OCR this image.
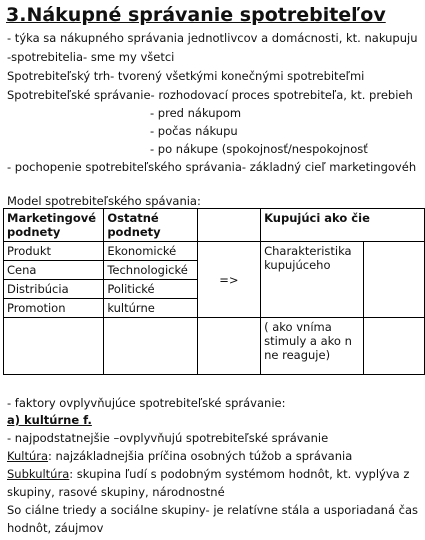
3.Nákupné správanie spotrebiteľov
- týka sa nákupného správania jednotlivcov a domácnosti, kt. nakupuju
-spotrebitelia- sme my všetci
Spotrebiteľský trh- tvorený všetkými konečnými spotrebiteľmi
Spotrebiteľské správanie- rozhodovací proces spotrebiteľa, kt. prebieh
- pred nákupom
- počas nákupu
- po nákupe (spokojnosť/nespokojnosť
- pochopenie spotrebiteľského správania- základný cieľ marketingovéh
Model spotrebiteľského spávania:
Marketingové
podnety	Ostatné
podnety		Kupujúci ako čie	
Produkt	Ekonomické	=>	Charakteristika
kupujúceho	
Cena	Technologické			
Distribúcia	Politické			
Promotion	kultúrne			
			( ako vníma
stimuly a ako n
ne reaguje)	
- faktory ovplyvňujúce spotrebiteľské správanie:
a) kultúrne f.
- najpodstatnejšie –ovplyvňujú spotrebiteľské správanie
Kultúra: najzákladnejšia príčina osobných túžob a správania
Subkultúra: skupina ľudí s podobným systémom hodnôt, kt. vyplýva z
skupiny, rasové skupiny, národnostné
So ciálne triedy a sociálne skupiny- je relatívne stála a usporiadaná čas
hodnôt, záujmov
